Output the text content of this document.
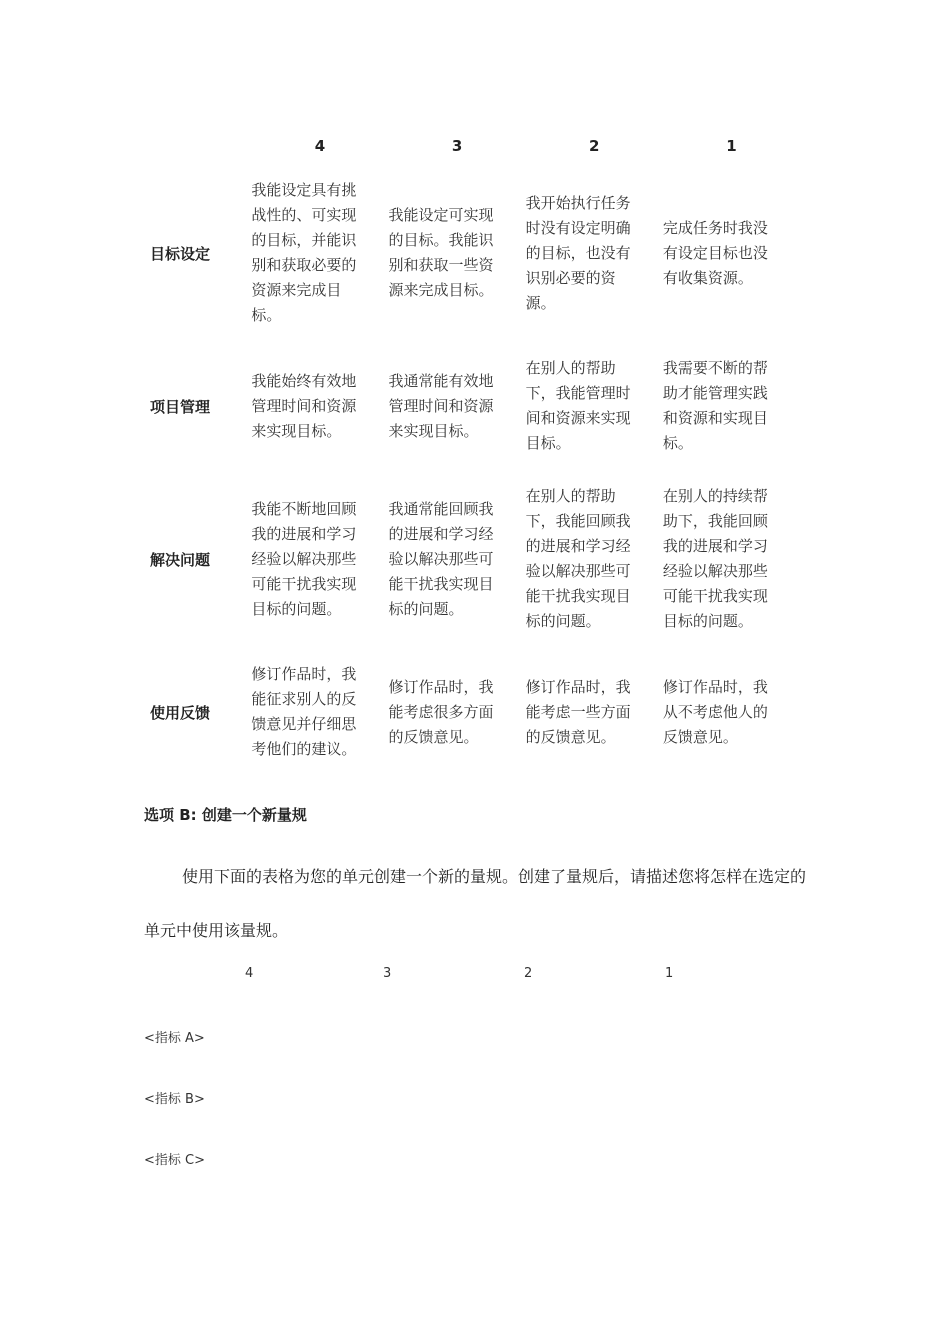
	4	3	2	1
目标设定	我能设定具有挑战性的、可实现的目标，并能识别和获取必要的资源来完成目标。	我能设定可实现的目标。我能识别和获取一些资源来完成目标。	我开始执行任务时没有设定明确的目标，也没有识别必要的资源。	完成任务时我没有设定目标也没有收集资源。

项目管理	我能始终有效地管理时间和资源来实现目标。	我通常能有效地管理时间和资源来实现目标。	在别人的帮助下，我能管理时间和资源来实现目标。	我需要不断的帮助才能管理实践和资源和实现目标。

解决问题	我能不断地回顾我的进展和学习经验以解决那些可能干扰我实现目标的问题。	我通常能回顾我的进展和学习经验以解决那些可能干扰我实现目标的问题。	在别人的帮助下，我能回顾我的进展和学习经验以解决那些可能干扰我实现目标的问题。	在别人的持续帮助下，我能回顾我的进展和学习经验以解决那些可能干扰我实现目标的问题。

使用反馈	修订作品时，我能征求别人的反馈意见并仔细思考他们的建议。	修订作品时，我能考虑很多方面的反馈意见。	修订作品时，我能考虑一些方面的反馈意见。	修订作品时，我从不考虑他人的反馈意见。
选项 B: 创建一个新量规
使用下面的表格为您的单元创建一个新的量规。创建了量规后，请描述您将怎样在选定的单元中使用该量规。
4	3	2	1
<指标 A>
<指标 B>
<指标 C>
